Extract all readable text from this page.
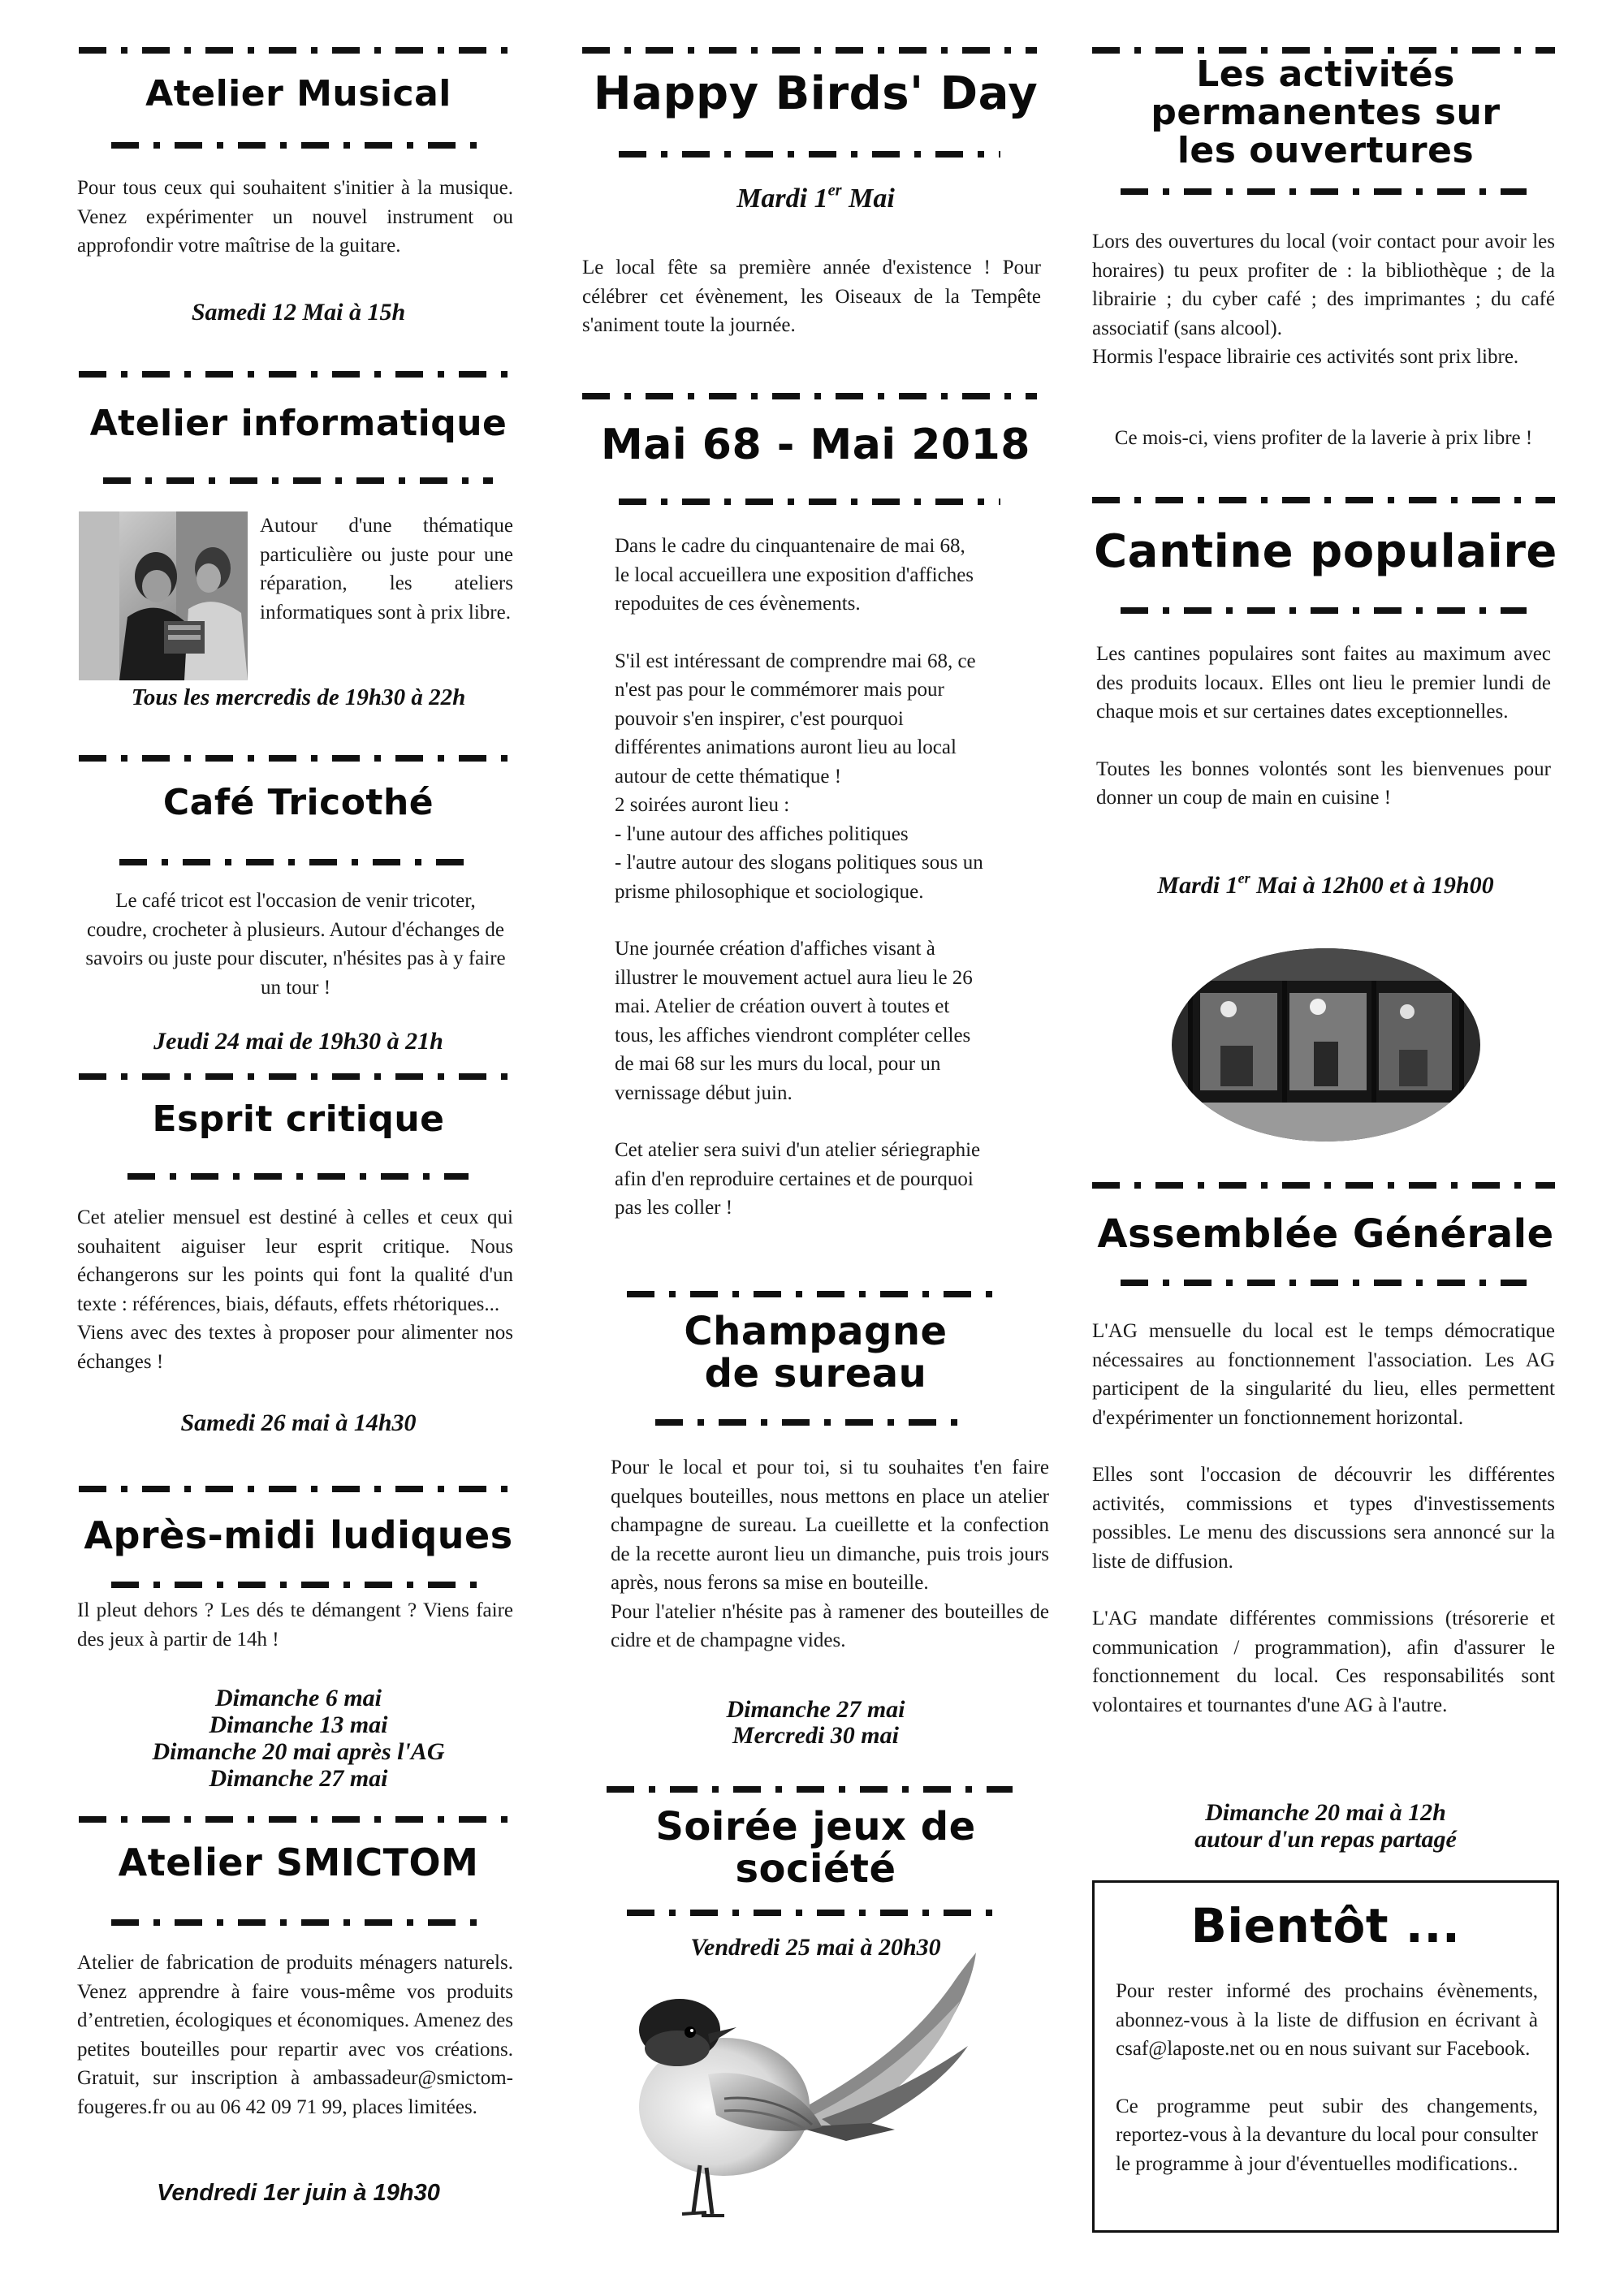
Atelier Musical
Pour tous ceux qui souhaitent s'initier à la musique. Venez expérimenter un nouvel instrument ou approfondir votre maîtrise de la guitare.
Samedi 12 Mai à 15h
Atelier informatique
Autour d'une thématique particulière ou juste pour une réparation, les ateliers informatiques sont à prix libre.
Tous les mercredis de 19h30 à 22h
Café Tricothé
Le café tricot est l'occasion de venir tricoter, coudre, crocheter à plusieurs. Autour d'échanges de savoirs ou juste pour discuter, n'hésites pas à y faire un tour !
Jeudi 24 mai de 19h30 à 21h
Esprit critique
Cet atelier mensuel est destiné à celles et ceux qui souhaitent aiguiser leur esprit critique. Nous échangerons sur les points qui font la qualité d'un texte : références, biais, défauts, effets rhétoriques...
Viens avec des textes à proposer pour alimenter nos échanges !
Samedi 26 mai à 14h30
Après-midi ludiques
Il pleut dehors ? Les dés te démangent ? Viens faire des jeux à partir de 14h !
Dimanche 6 mai
Dimanche 13 mai
Dimanche 20 mai après l'AG
Dimanche 27 mai
Atelier SMICTOM
Atelier de fabrication de produits ménagers naturels. Venez apprendre à faire vous-même vos produits d’entretien, écologiques et économiques. Amenez des petites bouteilles pour repartir avec vos créations. Gratuit, sur inscription à ambassadeur@smictom-fougeres.fr ou au 06 42 09 71 99, places limitées.
Vendredi 1er juin à 19h30
Happy Birds' Day
Mardi 1er Mai
Le local fête sa première année d'existence ! Pour célébrer cet évènement, les Oiseaux de la Tempête s'animent toute la journée.
Mai 68 - Mai 2018
Dans le cadre du cinquantenaire de mai 68,
le local accueillera une exposition d'affiches
repoduites de ces évènements.
S'il est intéressant de comprendre mai 68, ce
n'est pas pour le commémorer mais pour
pouvoir s'en inspirer, c'est pourquoi
différentes animations auront lieu au local
autour de cette thématique !
2 soirées auront lieu :
- l'une autour des affiches politiques
- l'autre autour des slogans politiques sous un
prisme philosophique et sociologique.
Une journée création d'affiches visant à
illustrer le mouvement actuel aura lieu le 26
mai. Atelier de création ouvert à toutes et
tous, les affiches viendront compléter celles
de mai 68 sur les murs du local, pour un
vernissage début juin.
Cet atelier sera suivi d'un atelier sériegraphie
afin d'en reproduire certaines et de pourquoi
pas les coller !
Champagne de sureau
Pour le local et pour toi, si tu souhaites t'en faire quelques bouteilles, nous mettons en place un atelier champagne de sureau. La cueillette et la confection de la recette auront lieu un dimanche, puis trois jours après, nous ferons sa mise en bouteille.
Pour l'atelier n'hésite pas à ramener des bouteilles de cidre et de champagne vides.
Dimanche 27 mai
Mercredi 30 mai
Soirée jeux de société
Vendredi 25 mai à 20h30
Les activités permanentes sur les ouvertures
Lors des ouvertures du local (voir contact pour avoir les horaires) tu peux profiter de : la bibliothèque ; de la librairie ; du cyber café ; des imprimantes ; du café associatif (sans alcool).
Hormis l'espace librairie ces activités sont prix libre.
Ce mois-ci, viens profiter de la laverie à prix libre !
Cantine populaire
Les cantines populaires sont faites au maximum avec des produits locaux. Elles ont lieu le premier lundi de chaque mois et sur certaines dates exceptionnelles.
Toutes les bonnes volontés sont les bienvenues pour donner un coup de main en cuisine !
Mardi 1er Mai à 12h00 et à 19h00
Assemblée Générale
L'AG mensuelle du local est le temps démocratique nécessaires au fonctionnement l'association. Les AG participent de la singularité du lieu, elles permettent d'expérimenter un fonctionnement horizontal.
Elles sont l'occasion de découvrir les différentes activités, commissions et types d'investissements possibles. Le menu des discussions sera annoncé sur la liste de diffusion.
L'AG mandate différentes commissions (trésorerie et communication / programmation), afin d'assurer le fonctionnement du local. Ces responsabilités sont volontaires et tournantes d'une AG à l'autre.
Dimanche 20 mai à 12h
autour d'un repas partagé
Bientôt ...
Pour rester informé des prochains évènements, abonnez-vous à la liste de diffusion en écrivant à csaf@laposte.net ou en nous suivant sur Facebook.
Ce programme peut subir des changements, reportez-vous à la devanture du local pour consulter le programme à jour d'éventuelles modifications..
